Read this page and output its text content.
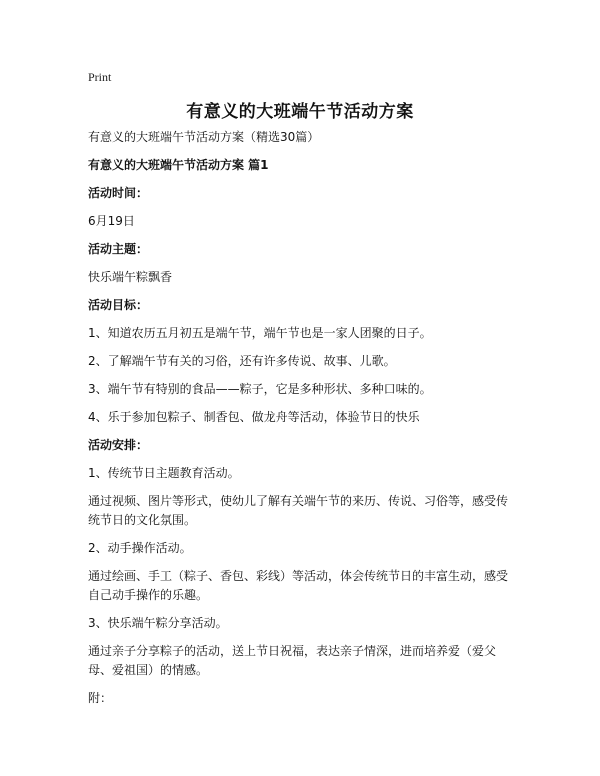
Print
有意义的大班端午节活动方案

有意义的大班端午节活动方案（精选30篇）

有意义的大班端午节活动方案 篇1

活动时间：

6月19日

活动主题：

快乐端午粽飘香

活动目标：

1、知道农历五月初五是端午节，端午节也是一家人团聚的日子。

2、了解端午节有关的习俗，还有许多传说、故事、儿歌。

3、端午节有特别的食品——粽子，它是多种形状、多种口味的。

4、乐于参加包粽子、制香包、做龙舟等活动，体验节日的快乐

活动安排：

1、传统节日主题教育活动。

通过视频、图片等形式，使幼儿了解有关端午节的来历、传说、习俗等，感受传统节日的文化氛围。

2、动手操作活动。

通过绘画、手工（粽子、香包、彩线）等活动，体会传统节日的丰富生动，感受自己动手操作的乐趣。

3、快乐端午粽分享活动。

通过亲子分享粽子的活动，送上节日祝福，表达亲子情深，进而培养爱（爱父母、爱祖国）的情感。

附：
